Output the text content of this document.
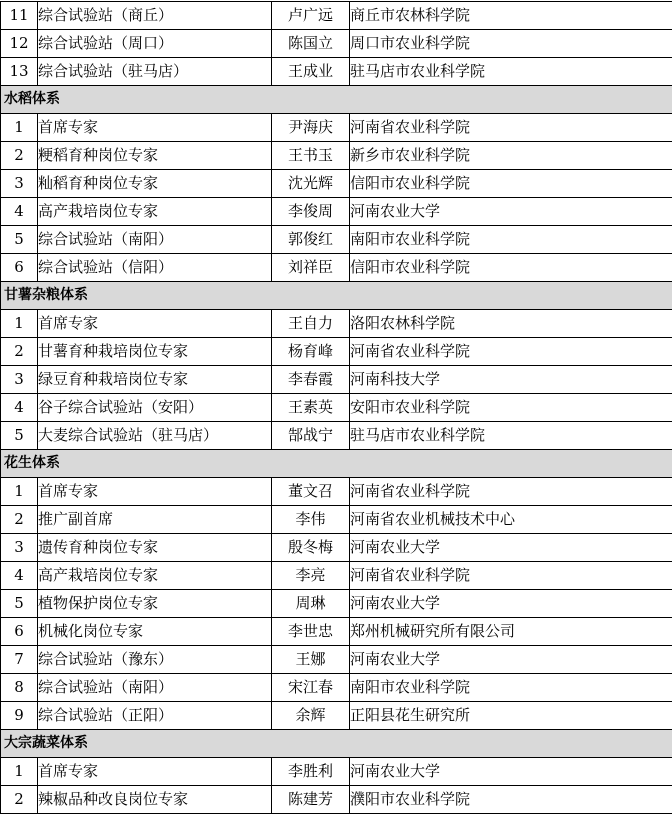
11	综合试验站（商丘）	卢广远	商丘市农林科学院
12	综合试验站（周口）	陈国立	周口市农业科学院
13	综合试验站（驻马店）	王成业	驻马店市农业科学院
水稻体系			
1	首席专家	尹海庆	河南省农业科学院
2	粳稻育种岗位专家	王书玉	新乡市农业科学院
3	籼稻育种岗位专家	沈光辉	信阳市农业科学院
4	高产栽培岗位专家	李俊周	河南农业大学
5	综合试验站（南阳）	郭俊红	南阳市农业科学院
6	综合试验站（信阳）	刘祥臣	信阳市农业科学院
甘薯杂粮体系			
1	首席专家	王自力	洛阳农林科学院
2	甘薯育种栽培岗位专家	杨育峰	河南省农业科学院
3	绿豆育种栽培岗位专家	李春霞	河南科技大学
4	谷子综合试验站（安阳）	王素英	安阳市农业科学院
5	大麦综合试验站（驻马店）	郜战宁	驻马店市农业科学院
花生体系			
1	首席专家	董文召	河南省农业科学院
2	推广副首席	李伟	河南省农业机械技术中心
3	遗传育种岗位专家	殷冬梅	河南农业大学
4	高产栽培岗位专家	李亮	河南省农业科学院
5	植物保护岗位专家	周琳	河南农业大学
6	机械化岗位专家	李世忠	郑州机械研究所有限公司
7	综合试验站（豫东）	王娜	河南农业大学
8	综合试验站（南阳）	宋江春	南阳市农业科学院
9	综合试验站（正阳）	余辉	正阳县花生研究所
大宗蔬菜体系			
1	首席专家	李胜利	河南农业大学
2	辣椒品种改良岗位专家	陈建芳	濮阳市农业科学院
